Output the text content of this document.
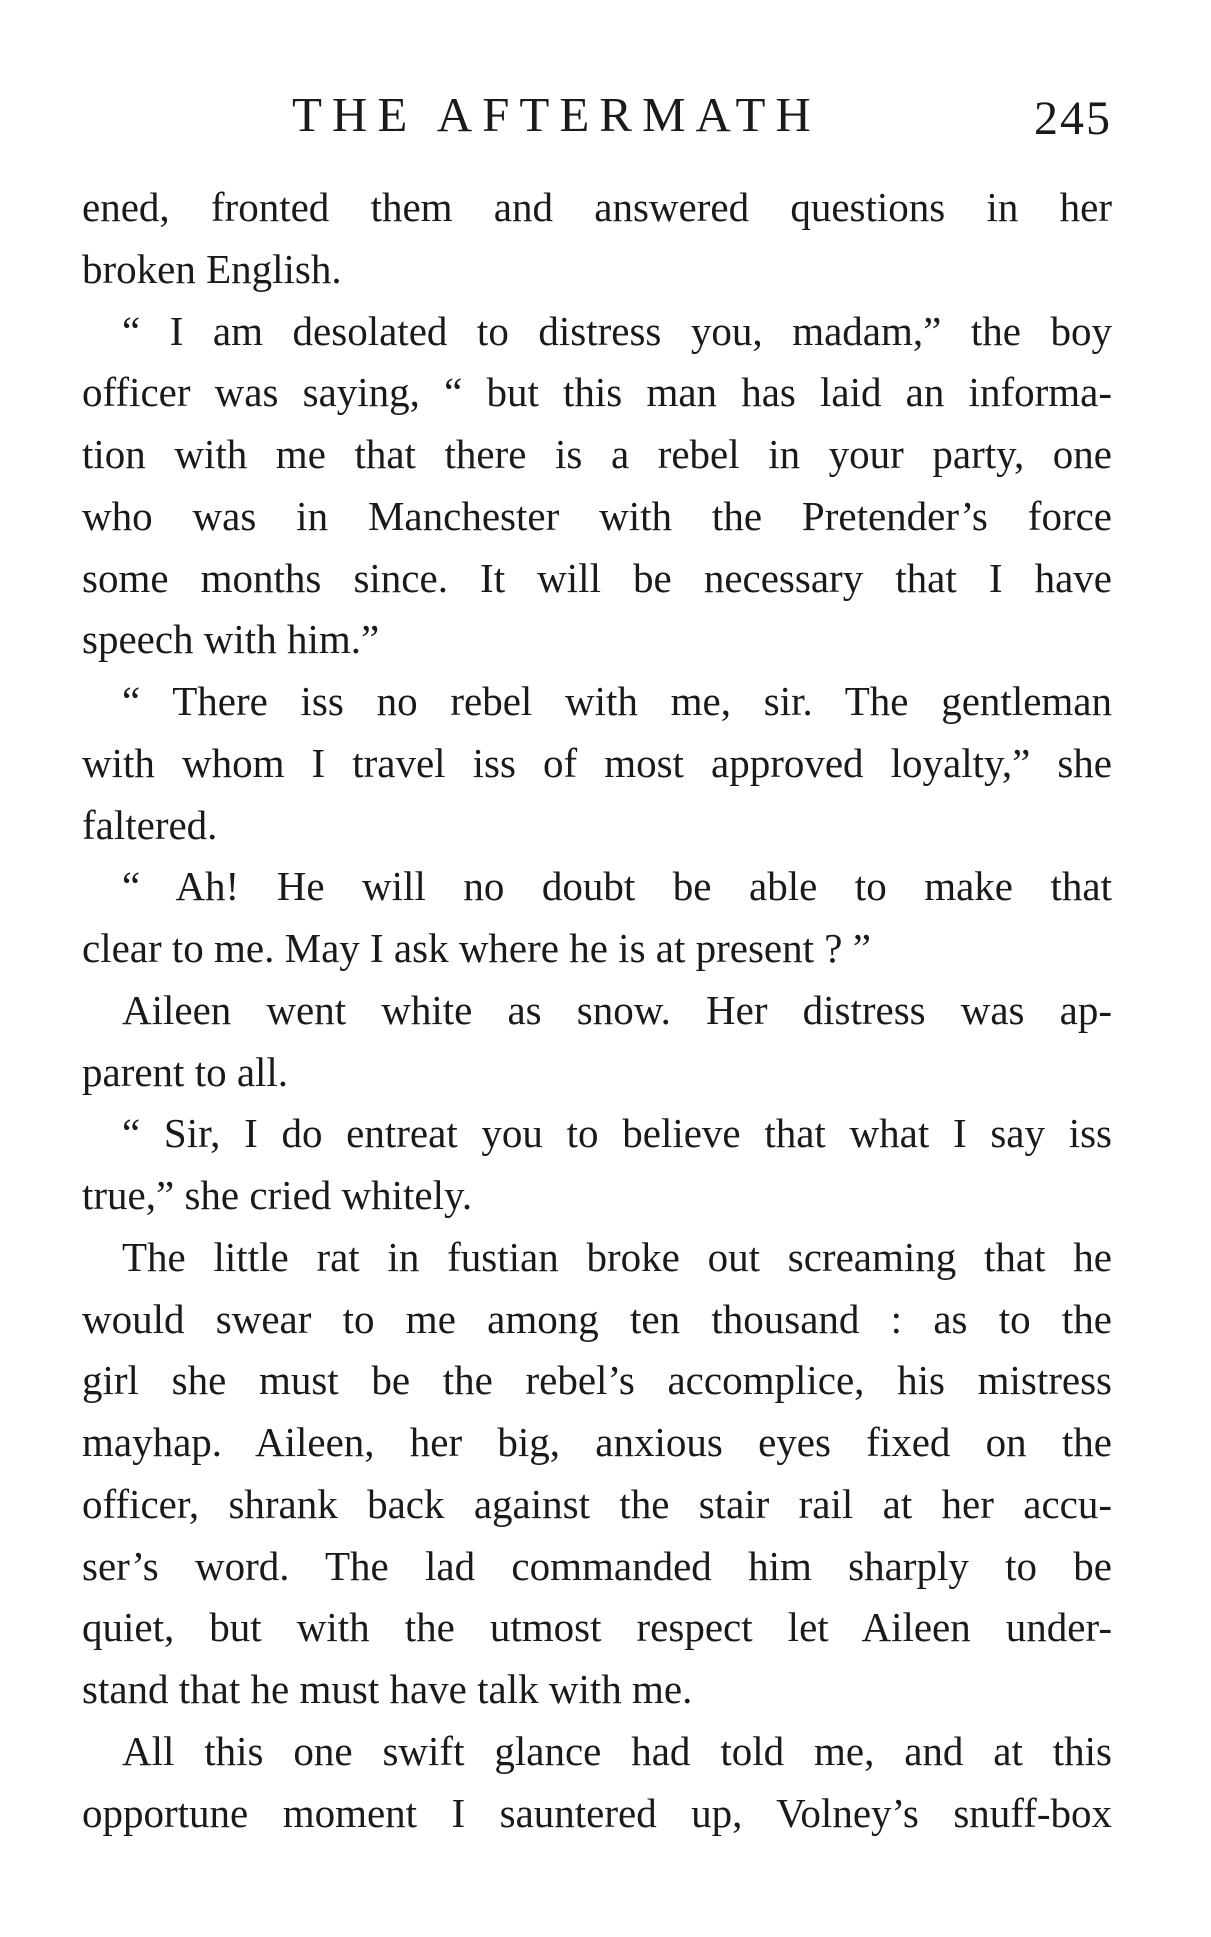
THE AFTERMATH	245
ened, fronted them and answered questions in her
broken English.
“ I am desolated to distress you, madam,” the boy
officer was saying, “ but this man has laid an informa-
tion with me that there is a rebel in your party, one
who was in Manchester with the Pretender’s force
some months since. It will be necessary that I have
speech with him.”
“ There iss no rebel with me, sir. The gentleman
with whom I travel iss of most approved loyalty,” she
faltered.
“ Ah! He will no doubt be able to make that
clear to me. May I ask where he is at present ? ”
Aileen went white as snow. Her distress was ap-
parent to all.
“ Sir, I do entreat you to believe that what I say iss
true,” she cried whitely.
The little rat in fustian broke out screaming that he
would swear to me among ten thousand : as to the
girl she must be the rebel’s accomplice, his mistress
mayhap. Aileen, her big, anxious eyes fixed on the
officer, shrank back against the stair rail at her accu-
ser’s word. The lad commanded him sharply to be
quiet, but with the utmost respect let Aileen under-
stand that he must have talk with me.
All this one swift glance had told me, and at this
opportune moment I sauntered up, Volney’s snuff-box
